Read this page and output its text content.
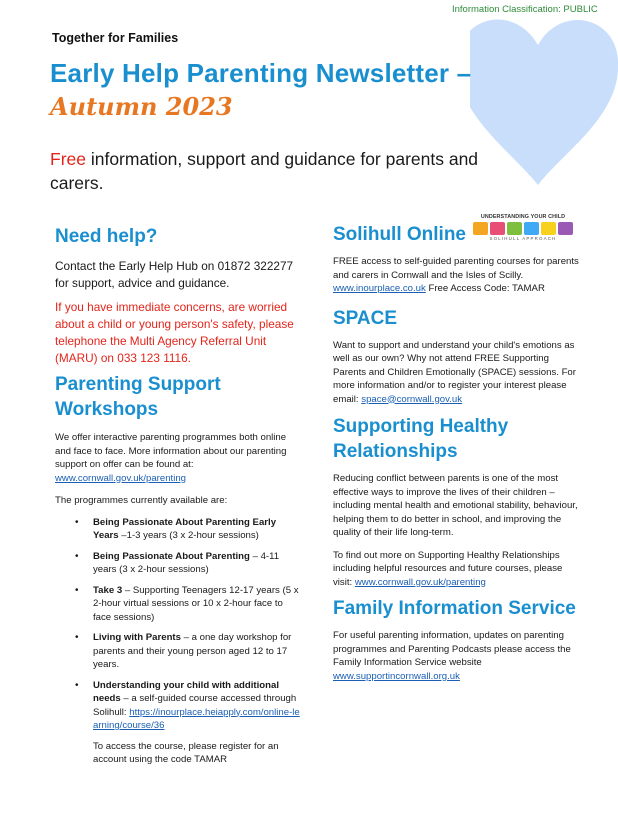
Information Classification: PUBLIC
Together for Families
Early Help Parenting Newsletter –
Autumn 2023
Free information, support and guidance for parents and carers.
Need help?

Contact the Early Help Hub on 01872 322277 for support, advice and guidance.

If you have immediate concerns, are worried about a child or young person's safety, please telephone the Multi Agency Referral Unit (MARU) on 033 123 1116.

Parenting Support
Workshops

We offer interactive parenting programmes both online and face to face. More information about our parenting support on offer can be found at: www.cornwall.gov.uk/parenting

The programmes currently available are:

• Being Passionate About Parenting Early Years –1-3 years (3 x 2-hour sessions)
• Being Passionate About Parenting – 4-11 years (3 x 2-hour sessions)
• Take 3 – Supporting Teenagers 12-17 years (5 x 2-hour virtual sessions or 10 x 2-hour face to face sessions)
• Living with Parents – a one day workshop for parents and their young person aged 12 to 17 years.
• Understanding your child with additional needs – a self-guided course accessed through Solihull: https://inourplace.heiapply.com/online-learning/course/36

To access the course, please register for an account using the code TAMAR

UNDERSTANDING YOUR CHILD
SOLIHULL APPROACH
Solihull Online

FREE access to self-guided parenting courses for parents and carers in Cornwall and the Isles of Scilly. www.inourplace.co.uk Free Access Code: TAMAR

SPACE

Want to support and understand your child's emotions as well as our own? Why not attend FREE Supporting Parents and Children Emotionally (SPACE) sessions. For more information and/or to register your interest please email: space@cornwall.gov.uk

Supporting Healthy
Relationships

Reducing conflict between parents is one of the most effective ways to improve the lives of their children – including mental health and emotional stability, behaviour, helping them to do better in school, and improving the quality of their life long-term.

To find out more on Supporting Healthy Relationships including helpful resources and future courses, please visit: www.cornwall.gov.uk/parenting

Family Information Service

For useful parenting information, updates on parenting programmes and Parenting Podcasts please access the Family Information Service website www.supportincornwall.org.uk
